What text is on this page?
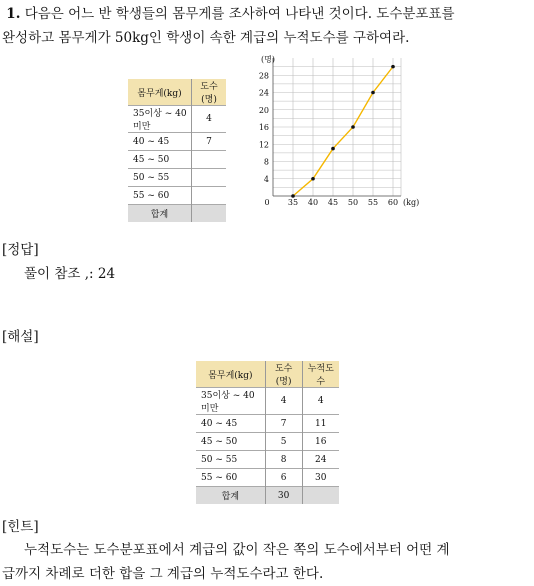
1. 다음은 어느 반 학생들의 몸무게를 조사하여 나타낸 것이다. 도수분포표를
완성하고 몸무게가 50kg인 학생이 속한 계급의 누적도수를 구하여라.
몸무게(kg)	도수(명)
35이상 ~ 40미만	4
40 ~ 45	7
45 ~ 50	
50 ~ 55	
55 ~ 60	
합계	
4
8
12
16
20
24
28
0 35 40 45 50 55 60
(명)
(kg)
[정답]
풀이 참조 ,: 24
[해설]
몸무게(kg)	도수(명)	누적도수
35이상 ~ 40미만	4	4
40 ~ 45	7	11
45 ~ 50	5	16
50 ~ 55	8	24
55 ~ 60	6	30
합계	30	
[힌트]
누적도수는 도수분포표에서 계급의 값이 작은 쪽의 도수에서부터 어떤 계
급까지 차례로 더한 합을 그 계급의 누적도수라고 한다.
